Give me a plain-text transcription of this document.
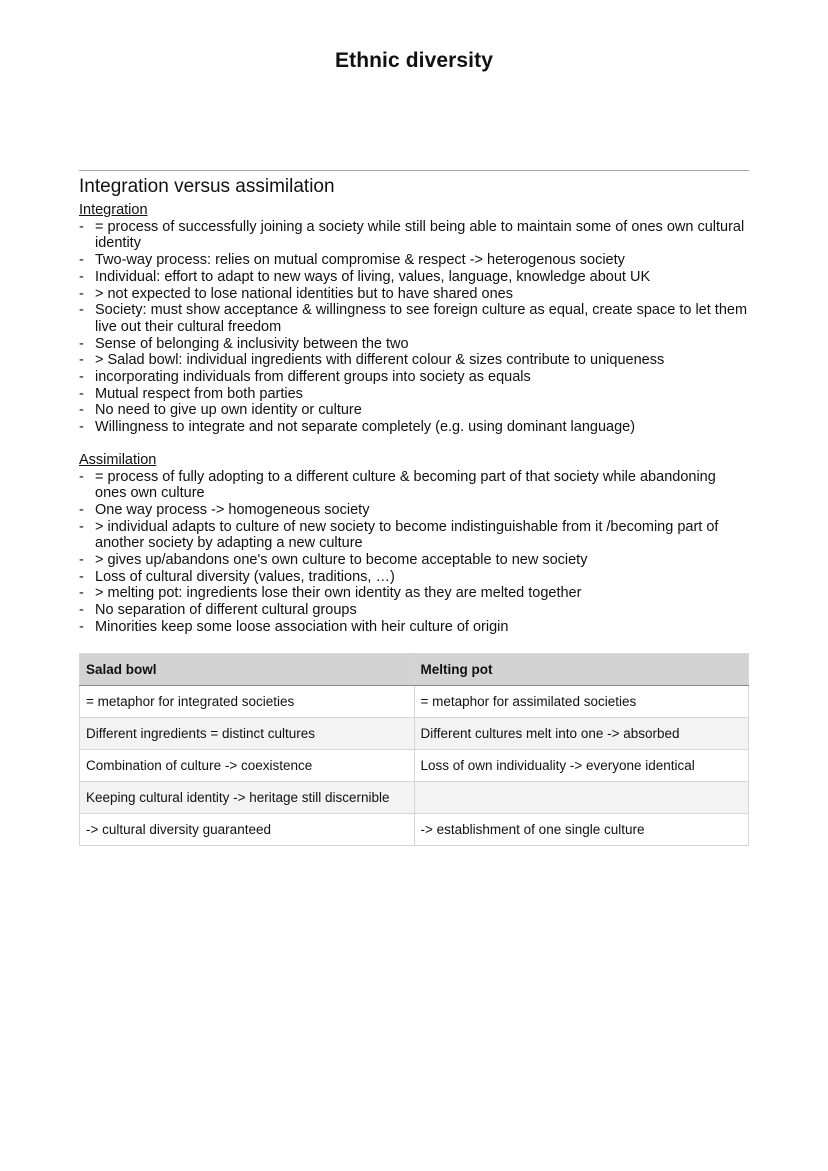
Ethnic diversity
Integration versus assimilation
Integration
- = process of successfully joining a society while still being able to maintain some of ones own cultural identity
- Two-way process: relies on mutual compromise & respect -> heterogenous society
- Individual: effort to adapt to new ways of living, values, language, knowledge about UK
- > not expected to lose national identities but to have shared ones
- Society: must show acceptance & willingness to see foreign culture as equal, create space to let them live out their cultural freedom
- Sense of belonging & inclusivity between the two
- > Salad bowl: individual ingredients with different colour & sizes contribute to uniqueness
- incorporating individuals from different groups into society as equals
- Mutual respect from both parties
- No need to give up own identity or culture
- Willingness to integrate and not separate completely (e.g. using dominant language)
Assimilation
- = process of fully adopting to a different culture & becoming part of that society while abandoning ones own culture
- One way process -> homogeneous society
- > individual adapts to culture of new society to become indistinguishable from it /becoming part of another society by adapting a new culture
- > gives up/abandons one's own culture to become acceptable to new society
- Loss of cultural diversity (values, traditions, …)
- > melting pot: ingredients lose their own identity as they are melted together
- No separation of different cultural groups
- Minorities keep some loose association with heir culture of origin
Salad bowl	Melting pot
= metaphor for integrated societies	= metaphor for assimilated societies
Different ingredients = distinct cultures	Different cultures melt into one -> absorbed
Combination of culture -> coexistence	Loss of own individuality -> everyone identical
Keeping cultural identity -> heritage still discernible	
-> cultural diversity guaranteed	-> establishment of one single culture
